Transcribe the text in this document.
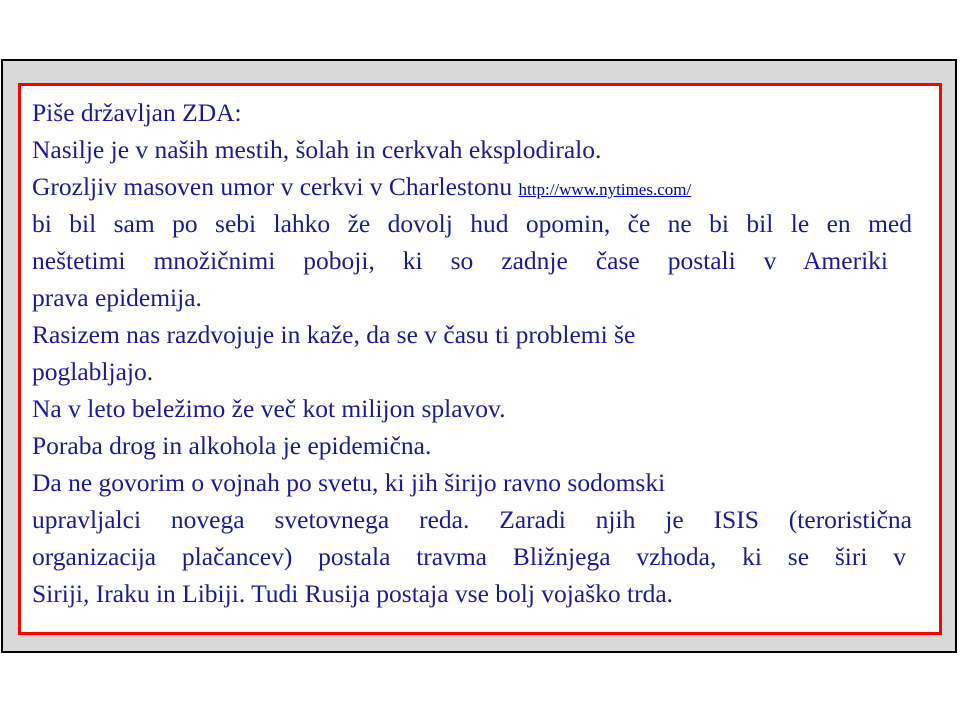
Piše državljan ZDA:

Nasilje je v naših mestih, šolah in cerkvah eksplodiralo.

Grozljiv masoven umor v cerkvi v Charlestonu http://www.nytimes.com/

bi bil sam po sebi lahko že dovolj hud opomin, če ne bi bil le en med

neštetimi množičnimi poboji, ki so zadnje čase postali v Ameriki

prava epidemija.

Rasizem nas razdvojuje in kaže, da se v času ti problemi še

poglabljajo.

Na v leto beležimo že več kot milijon splavov.

Poraba drog in alkohola je epidemična.

Da ne govorim o vojnah po svetu, ki jih širijo ravno sodomski

upravljalci novega svetovnega reda. Zaradi njih je ISIS (teroristična

organizacija plačancev) postala travma Bližnjega vzhoda, ki se širi v

Siriji, Iraku in Libiji. Tudi Rusija postaja vse bolj vojaško trda.
